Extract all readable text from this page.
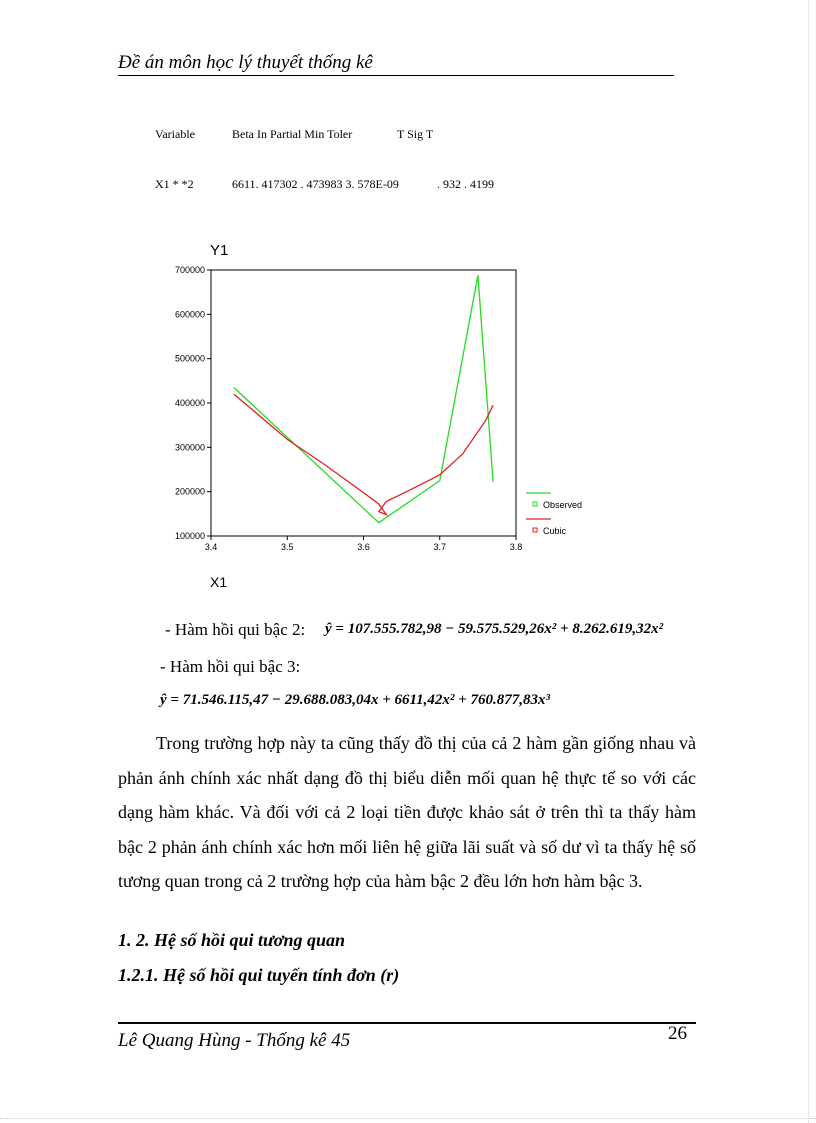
Đề án môn học lý thuyết thống kê
Variable	Beta In Partial Min Toler	T Sig T
X1 * *2	6611. 417302 . 473983 3. 578E-09	. 932 . 4199
Y1
100000
200000
300000
400000
500000
600000
700000
3.4	3.5	3.6	3.7	3.8
Observed
Cubic
X1
- Hàm hồi qui bậc 2: ŷ = 107.555.782,98 − 59.575.529,26x² + 8.262.619,32x²
- Hàm hồi qui bậc 3:
ŷ = 71.546.115,47 − 29.688.083,04x + 6611,42x² + 760.877,83x³
Trong trường hợp này ta cũng thấy đồ thị của cả 2 hàm gần giống nhau và phản ánh chính xác nhất dạng đồ thị biểu diễn mối quan hệ thực tế so với các dạng hàm khác. Và đối với cả 2 loại tiền được khảo sát ở trên thì ta thấy hàm bậc 2 phản ánh chính xác hơn mối liên hệ giữa lãi suất và số dư vì ta thấy hệ số tương quan trong cả 2 trường hợp của hàm bậc 2 đều lớn hơn hàm bậc 3.
1. 2. Hệ số hồi qui tương quan
1.2.1. Hệ số hồi qui tuyến tính đơn (r)
Lê Quang Hùng - Thống kê 45	26
